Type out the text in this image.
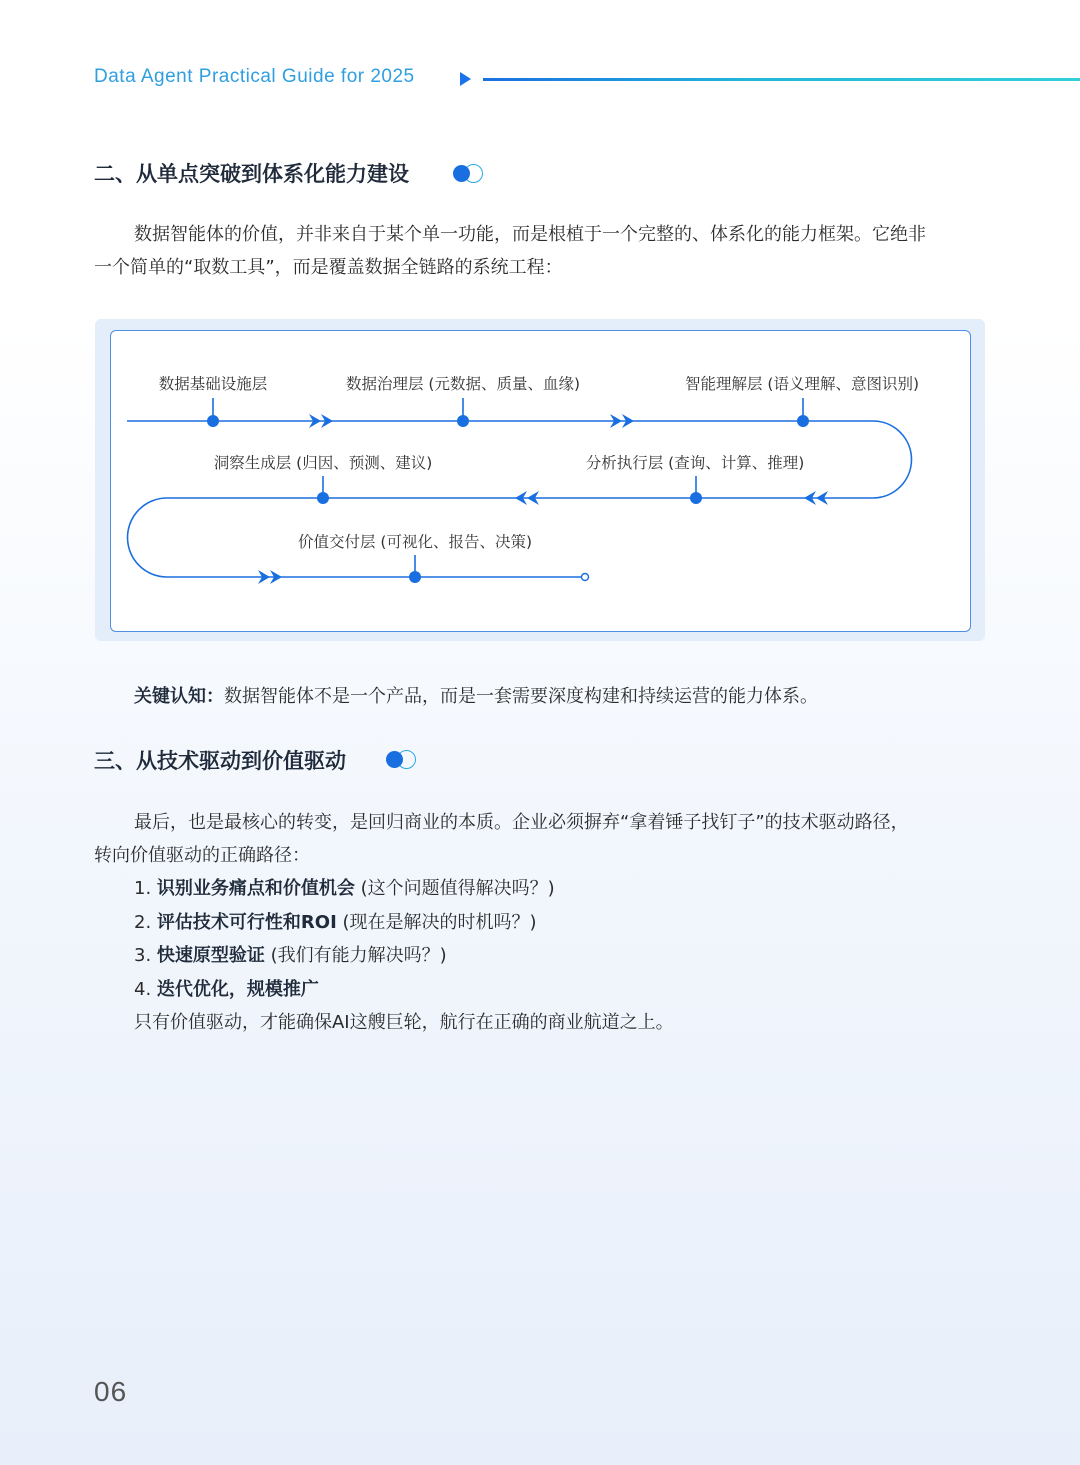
Data Agent Practical Guide for 2025
二、从单点突破到体系化能力建设
数据智能体的价值，并非来自于某个单一功能，而是根植于一个完整的、体系化的能力框架。它绝非
一个简单的“取数工具”，而是覆盖数据全链路的系统工程：
数据基础设施层	数据治理层 (元数据、质量、血缘)	智能理解层 (语义理解、意图识别)
分析执行层 (查询、计算、推理)
洞察生成层 (归因、预测、建议)
价值交付层 (可视化、报告、决策)
关键认知：数据智能体不是一个产品，而是一套需要深度构建和持续运营的能力体系。
三、从技术驱动到价值驱动
最后，也是最核心的转变，是回归商业的本质。企业必须摒弃“拿着锤子找钉子”的技术驱动路径，
转向价值驱动的正确路径：
1. 识别业务痛点和价值机会 (这个问题值得解决吗？)
2. 评估技术可行性和ROI (现在是解决的时机吗？)
3. 快速原型验证 (我们有能力解决吗？)
4. 迭代优化，规模推广
只有价值驱动，才能确保AI这艘巨轮，航行在正确的商业航道之上。
06
